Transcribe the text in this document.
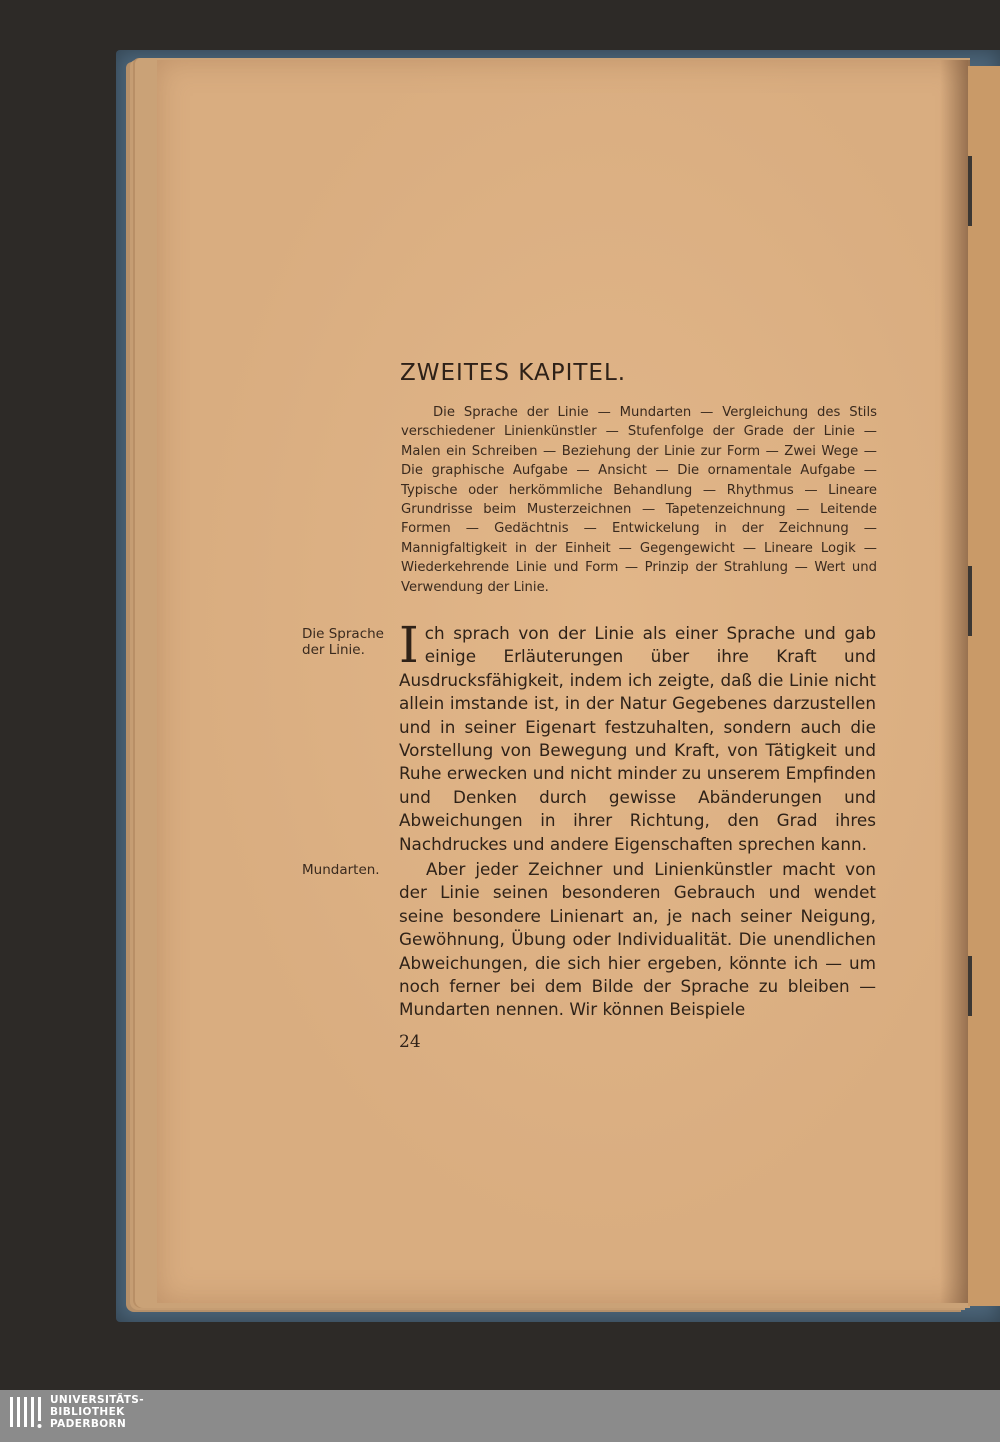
ZWEITES KAPITEL.

Die Sprache der Linie — Mundarten — Vergleichung des Stils verschiedener Linienkünstler — Stufenfolge der Grade der Linie — Malen ein Schreiben — Beziehung der Linie zur Form — Zwei Wege — Die graphische Aufgabe — Ansicht — Die ornamentale Aufgabe — Typische oder herkömmliche Behandlung — Rhythmus — Lineare Grundrisse beim Musterzeichnen — Tapetenzeichnung — Leitende Formen — Gedächtnis — Entwickelung in der Zeichnung — Mannigfaltigkeit in der Einheit — Gegengewicht — Lineare Logik — Wiederkehrende Linie und Form — Prinzip der Strahlung — Wert und Verwendung der Linie.

Die Sprache

der Linie.

Mundarten.

Ich sprach von der Linie als einer Sprache und gab einige Erläuterungen über ihre Kraft und Ausdrucksfähigkeit, indem ich zeigte, daß die Linie nicht allein imstande ist, in der Natur Gegebenes darzustellen und in seiner Eigenart festzuhalten, sondern auch die Vorstellung von Bewegung und Kraft, von Tätigkeit und Ruhe erwecken und nicht minder zu unserem Empfinden und Denken durch gewisse Abänderungen und Abweichungen in ihrer Richtung, den Grad ihres Nachdruckes und andere Eigenschaften sprechen kann.

Aber jeder Zeichner und Linienkünstler macht von der Linie seinen besonderen Gebrauch und wendet seine besondere Linienart an, je nach seiner Neigung, Gewöhnung, Übung oder Individualität. Die unendlichen Abweichungen, die sich hier ergeben, könnte ich — um noch ferner bei dem Bilde der Sprache zu bleiben — Mundarten nennen. Wir können Beispiele

24

UNIVERSITÄTS-
BIBLIOTHEK
PADERBORN
